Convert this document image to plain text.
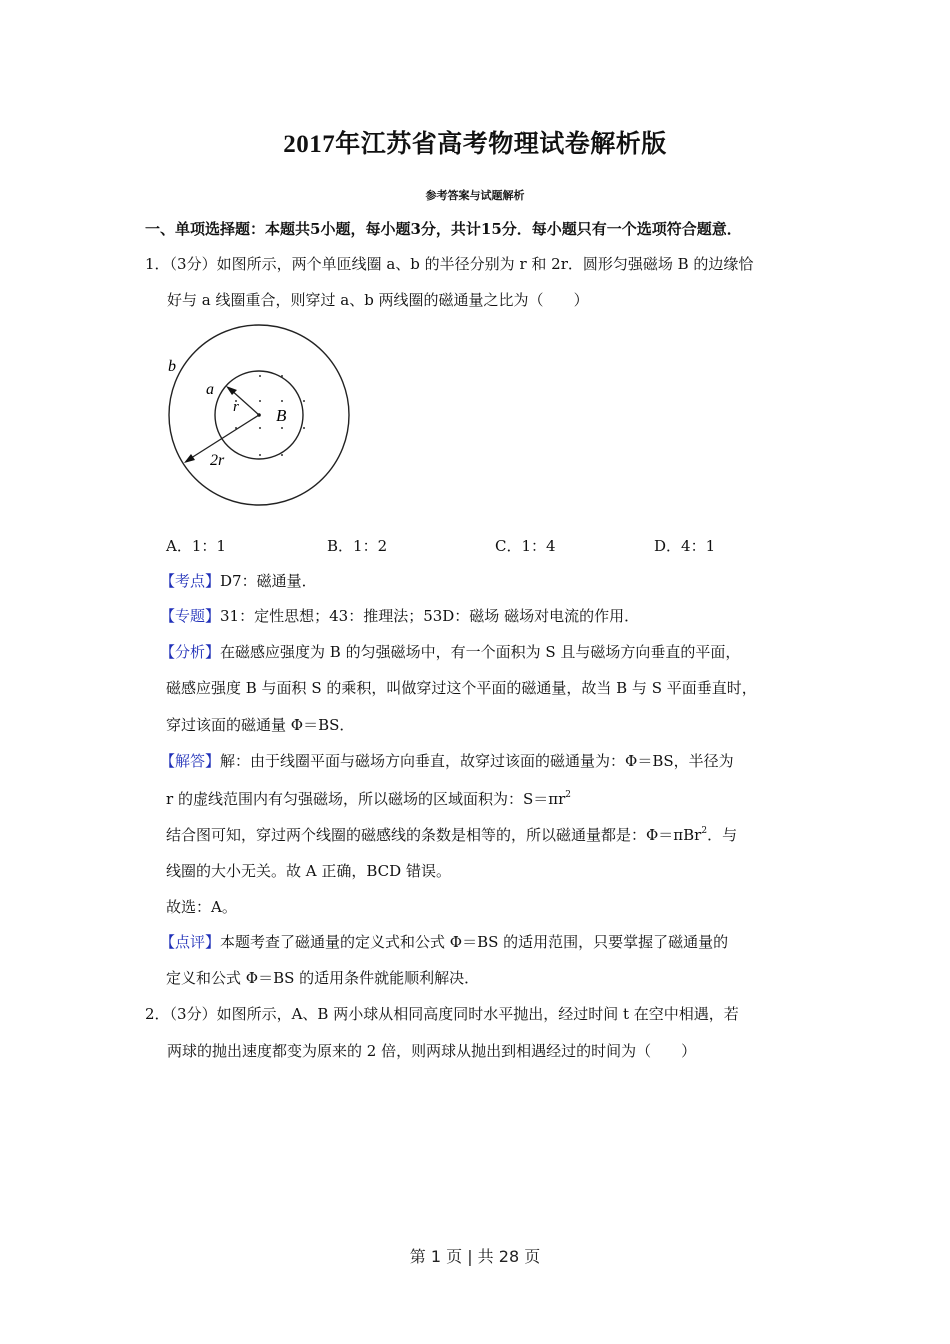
2017年江苏省高考物理试卷解析版
参考答案与试题解析
一、单项选择题：本题共5小题，每小题3分，共计15分．每小题只有一个选项符合题意．
1．（3分）如图所示，两个单匝线圈 a、b 的半径分别为 r 和 2r．圆形匀强磁场 B 的边缘恰
好与 a 线圈重合，则穿过 a、b 两线圈的磁通量之比为（　　）
b
a
r B
2r
A．1：1	B．1：2	C．1：4	D．4：1
【考点】D7：磁通量．
【专题】31：定性思想；43：推理法；53D：磁场 磁场对电流的作用．
【分析】在磁感应强度为 B 的匀强磁场中，有一个面积为 S 且与磁场方向垂直的平面，
磁感应强度 B 与面积 S 的乘积，叫做穿过这个平面的磁通量，故当 B 与 S 平面垂直时，
穿过该面的磁通量 Φ＝BS．
【解答】解：由于线圈平面与磁场方向垂直，故穿过该面的磁通量为：Φ＝BS，半径为
r 的虚线范围内有匀强磁场，所以磁场的区域面积为：$S=\pi r^2$
结合图可知，穿过两个线圈的磁感线的条数是相等的，所以磁通量都是：Φ＝πBr$^2$．与
线圈的大小无关。故 A 正确，BCD 错误。
故选：A。
【点评】本题考查了磁通量的定义式和公式 Φ＝BS 的适用范围，只要掌握了磁通量的
定义和公式 Φ＝BS 的适用条件就能顺利解决．
2．（3分）如图所示，A、B 两小球从相同高度同时水平抛出，经过时间 t 在空中相遇，若
两球的抛出速度都变为原来的 2 倍，则两球从抛出到相遇经过的时间为（　　）
第 1 页 | 共 28 页
